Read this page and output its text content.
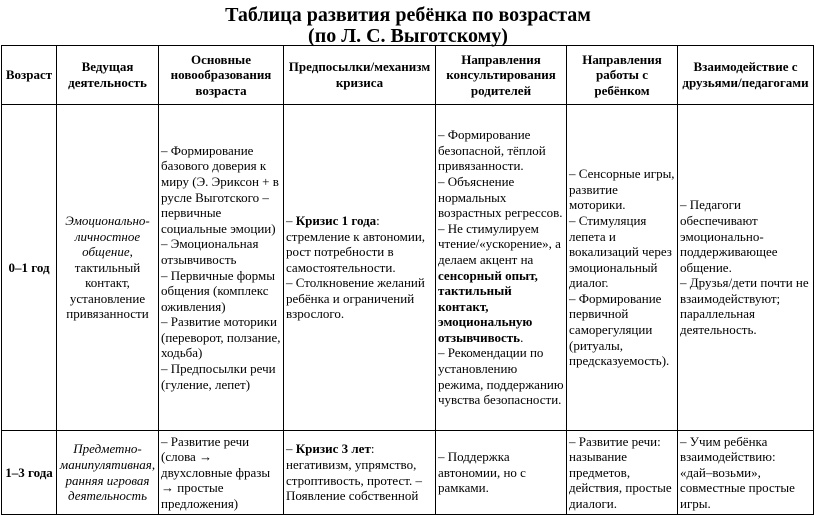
Таблица развития ребёнка по возрастам
(по Л. С. Выготскому)
Возраст
Ведущая деятельность
Основные новообразования возраста
Предпосылки/механизм кризиса
Направления консультирования родителей
Направления работы с ребёнком
Взаимодействие с друзьями/педагогами
0–1 год
Эмоционально-личностное общение, тактильный контакт, установление привязанности
– Формирование базового доверия к миру (Э. Эриксон + в русле Выготского – первичные социальные эмоции)
– Эмоциональная отзывчивость
– Первичные формы общения (комплекс оживления)
– Развитие моторики (переворот, ползание, ходьба)
– Предпосылки речи (гуление, лепет)
– Кризис 1 года: стремление к автономии, рост потребности в самостоятельности.
– Столкновение желаний ребёнка и ограничений взрослого.
– Формирование безопасной, тёплой привязанности.
– Объяснение нормальных возрастных регрессов.
– Не стимулируем чтение/«ускорение», а делаем акцент на сенсорный опыт, тактильный контакт, эмоциональную отзывчивость.
– Рекомендации по установлению режима, поддержанию чувства безопасности.
– Сенсорные игры, развитие моторики.
– Стимуляция лепета и вокализаций через эмоциональный диалог.
– Формирование первичной саморегуляции (ритуалы, предсказуемость).
– Педагоги обеспечивают эмоционально-поддерживающее общение.
– Друзья/дети почти не взаимодействуют; параллельная деятельность.
1–3 года
Предметно-манипулятивная, ранняя игровая деятельность
– Развитие речи (слова → двухсловные фразы → простые предложения)
– Кризис 3 лет: негативизм, упрямство, строптивость, протест. – Появление собственной
– Поддержка автономии, но с рамками.
– Развитие речи: называние предметов, действия, простые диалоги.
– Учим ребёнка взаимодействию: «дай–возьми», совместные простые игры.
